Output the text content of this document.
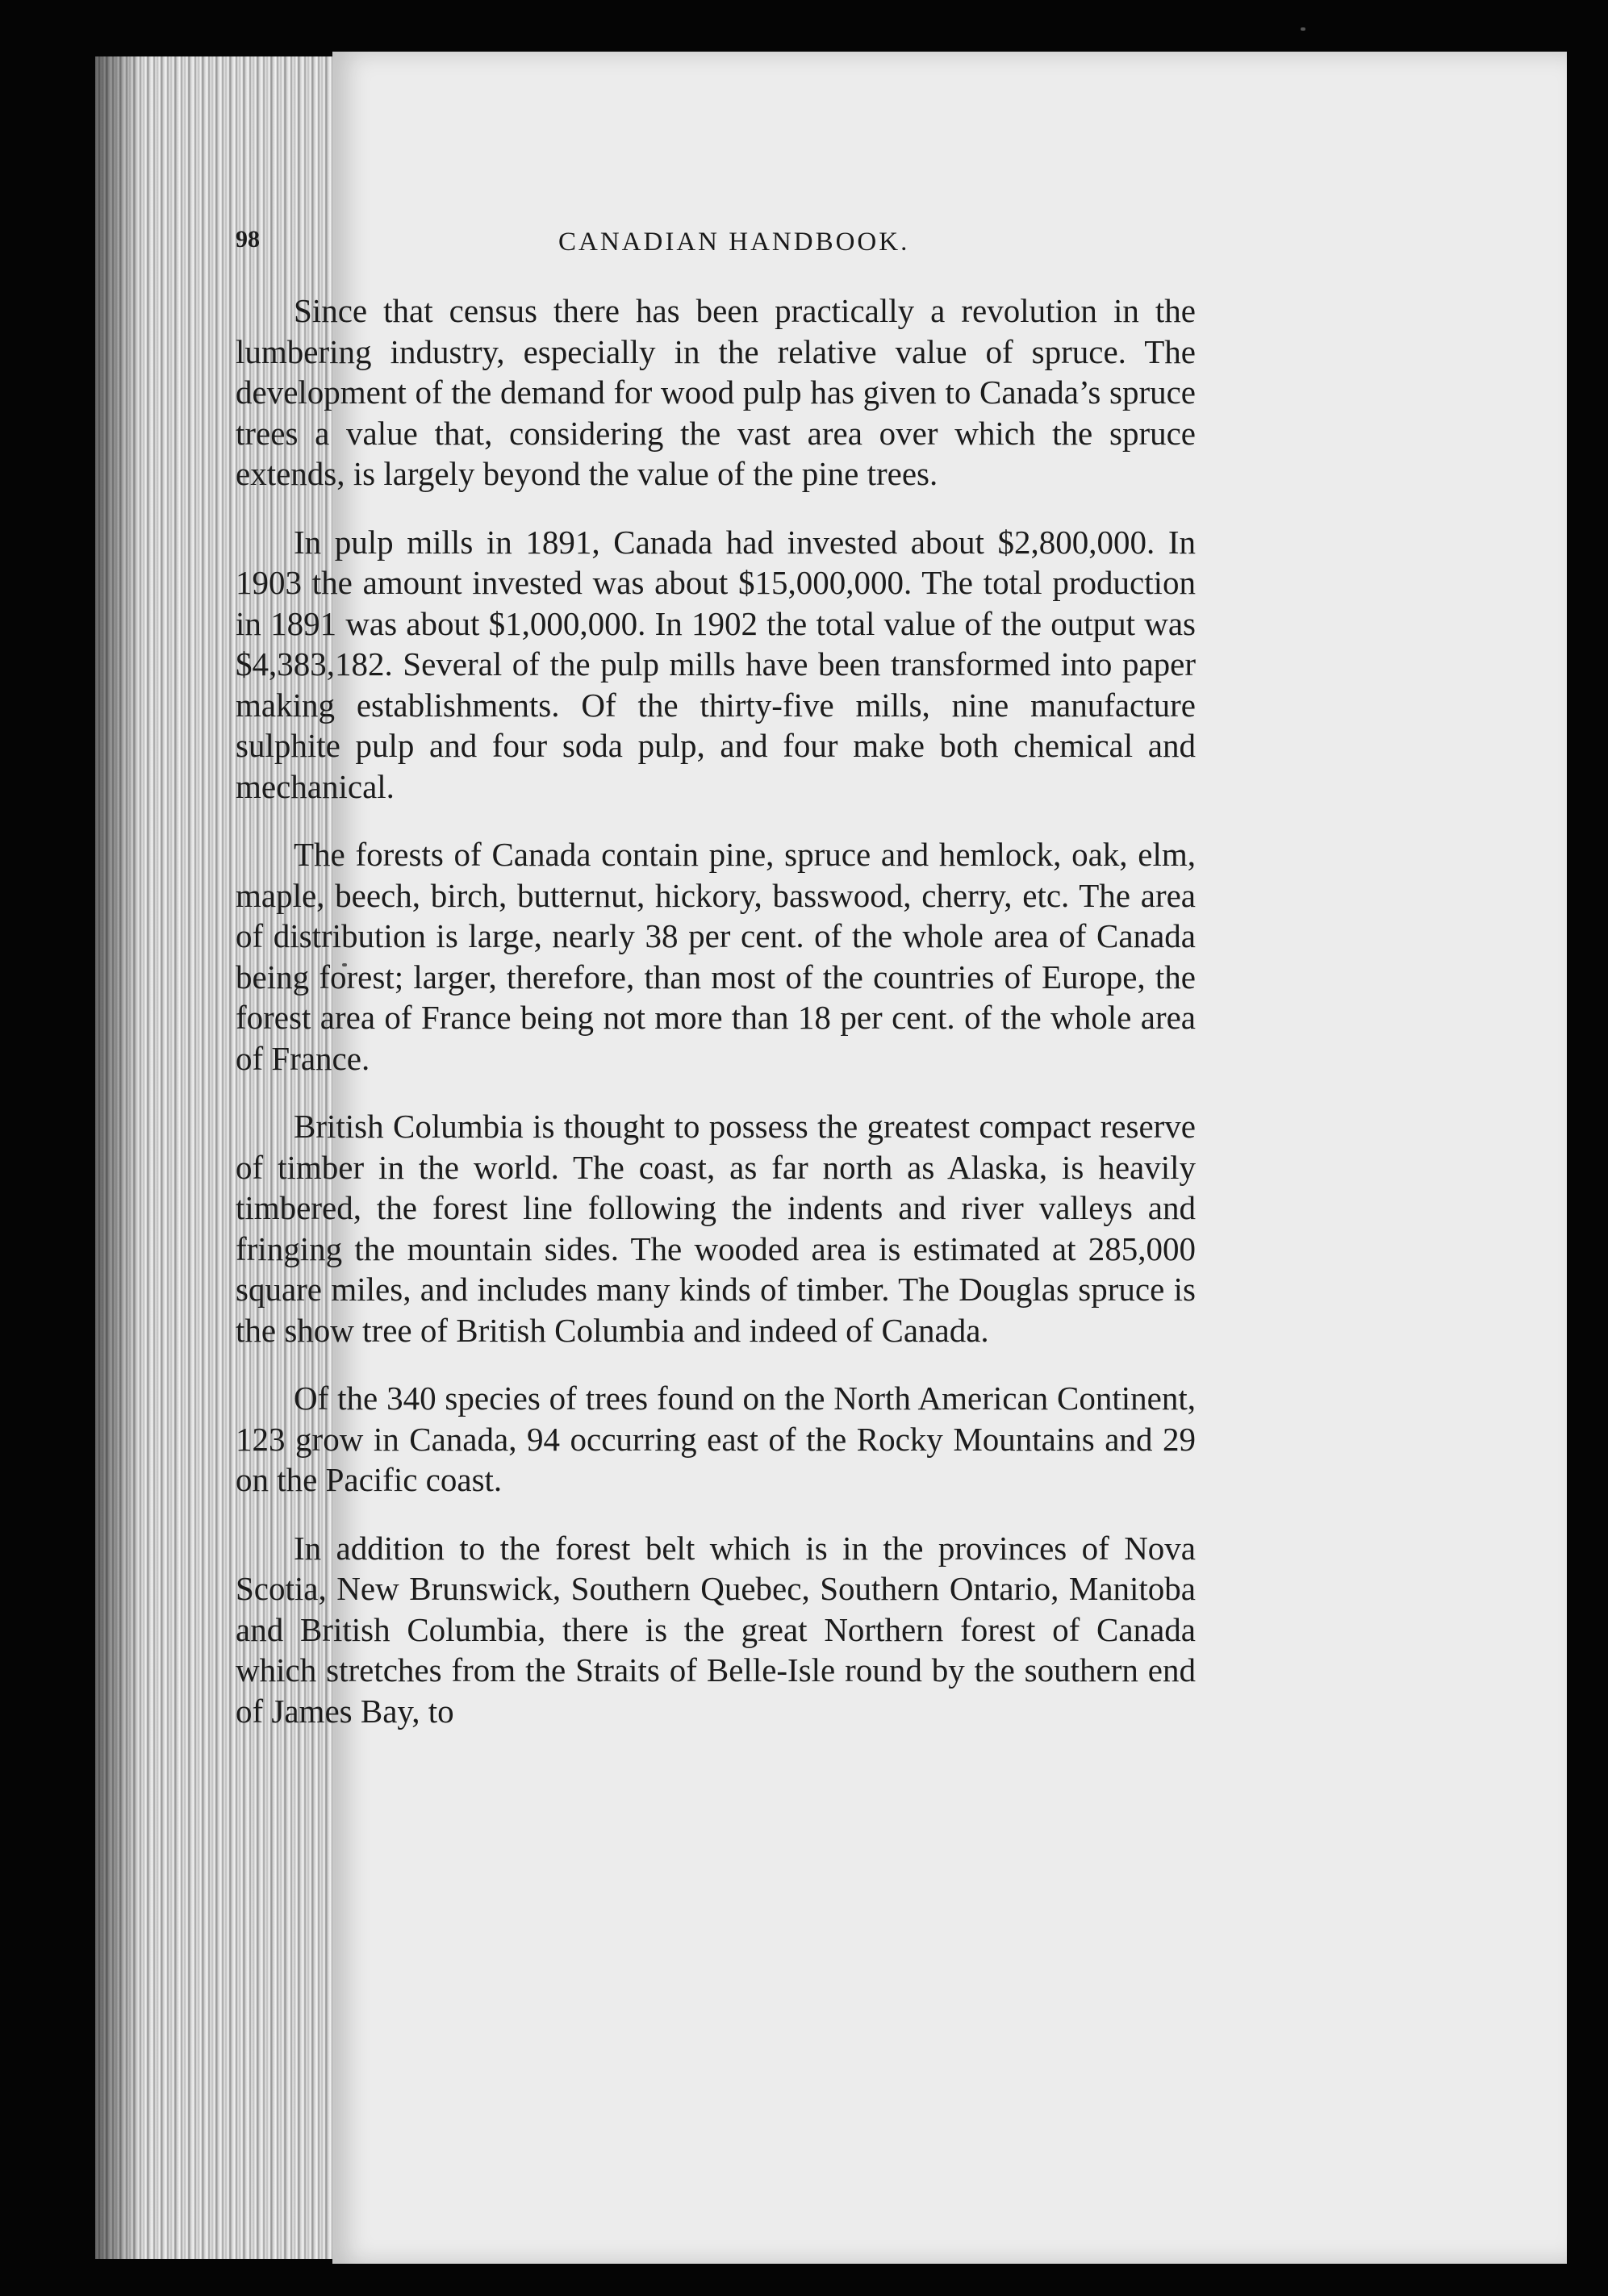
98	CANADIAN HANDBOOK.

Since that census there has been practically a revolution in the lumbering industry, especially in the relative value of spruce. The development of the demand for wood pulp has given to Canada’s spruce trees a value that, considering the vast area over which the spruce extends, is largely beyond the value of the pine trees.

In pulp mills in 1891, Canada had invested about $2,800,000. In 1903 the amount invested was about $15,000,000. The total production in 1891 was about $1,000,000. In 1902 the total value of the output was $4,383,182. Several of the pulp mills have been transformed into paper making establishments. Of the thirty-five mills, nine manufacture sulphite pulp and four soda pulp, and four make both chemical and mechanical.

The forests of Canada contain pine, spruce and hemlock, oak, elm, maple, beech, birch, butternut, hickory, basswood, cherry, etc. The area of distribution is large, nearly 38 per cent. of the whole area of Canada being forest; larger, therefore, than most of the countries of Europe, the forest area of France being not more than 18 per cent. of the whole area of France.

British Columbia is thought to possess the greatest compact reserve of timber in the world. The coast, as far north as Alaska, is heavily timbered, the forest line following the indents and river valleys and fringing the mountain sides. The wooded area is estimated at 285,000 square miles, and includes many kinds of timber. The Douglas spruce is the show tree of British Columbia and indeed of Canada.

Of the 340 species of trees found on the North American Continent, 123 grow in Canada, 94 occurring east of the Rocky Mountains and 29 on the Pacific coast.

In addition to the forest belt which is in the provinces of Nova Scotia, New Brunswick, Southern Quebec, Southern Ontario, Manitoba and British Columbia, there is the great Northern forest of Canada which stretches from the Straits of Belle-Isle round by the southern end of James Bay, to
